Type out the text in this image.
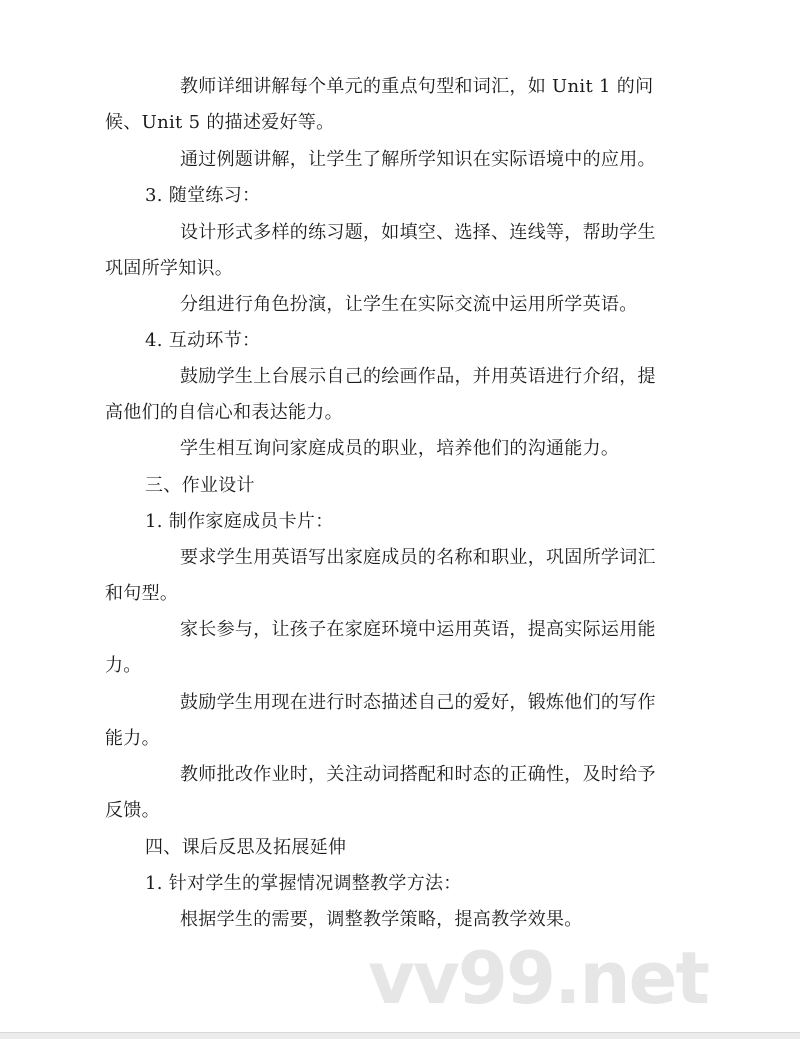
vv99.net
教师详细讲解每个单元的重点句型和词汇，如 Unit 1 的问
候、Unit 5 的描述爱好等。
通过例题讲解，让学生了解所学知识在实际语境中的应用。
3. 随堂练习：
设计形式多样的练习题，如填空、选择、连线等，帮助学生
巩固所学知识。
分组进行角色扮演，让学生在实际交流中运用所学英语。
4. 互动环节：
鼓励学生上台展示自己的绘画作品，并用英语进行介绍，提
高他们的自信心和表达能力。
学生相互询问家庭成员的职业，培养他们的沟通能力。
三、作业设计
1. 制作家庭成员卡片：
要求学生用英语写出家庭成员的名称和职业，巩固所学词汇
和句型。
家长参与，让孩子在家庭环境中运用英语，提高实际运用能
力。
鼓励学生用现在进行时态描述自己的爱好，锻炼他们的写作
能力。
教师批改作业时，关注动词搭配和时态的正确性，及时给予
反馈。
四、课后反思及拓展延伸
1. 针对学生的掌握情况调整教学方法：
根据学生的需要，调整教学策略，提高教学效果。
